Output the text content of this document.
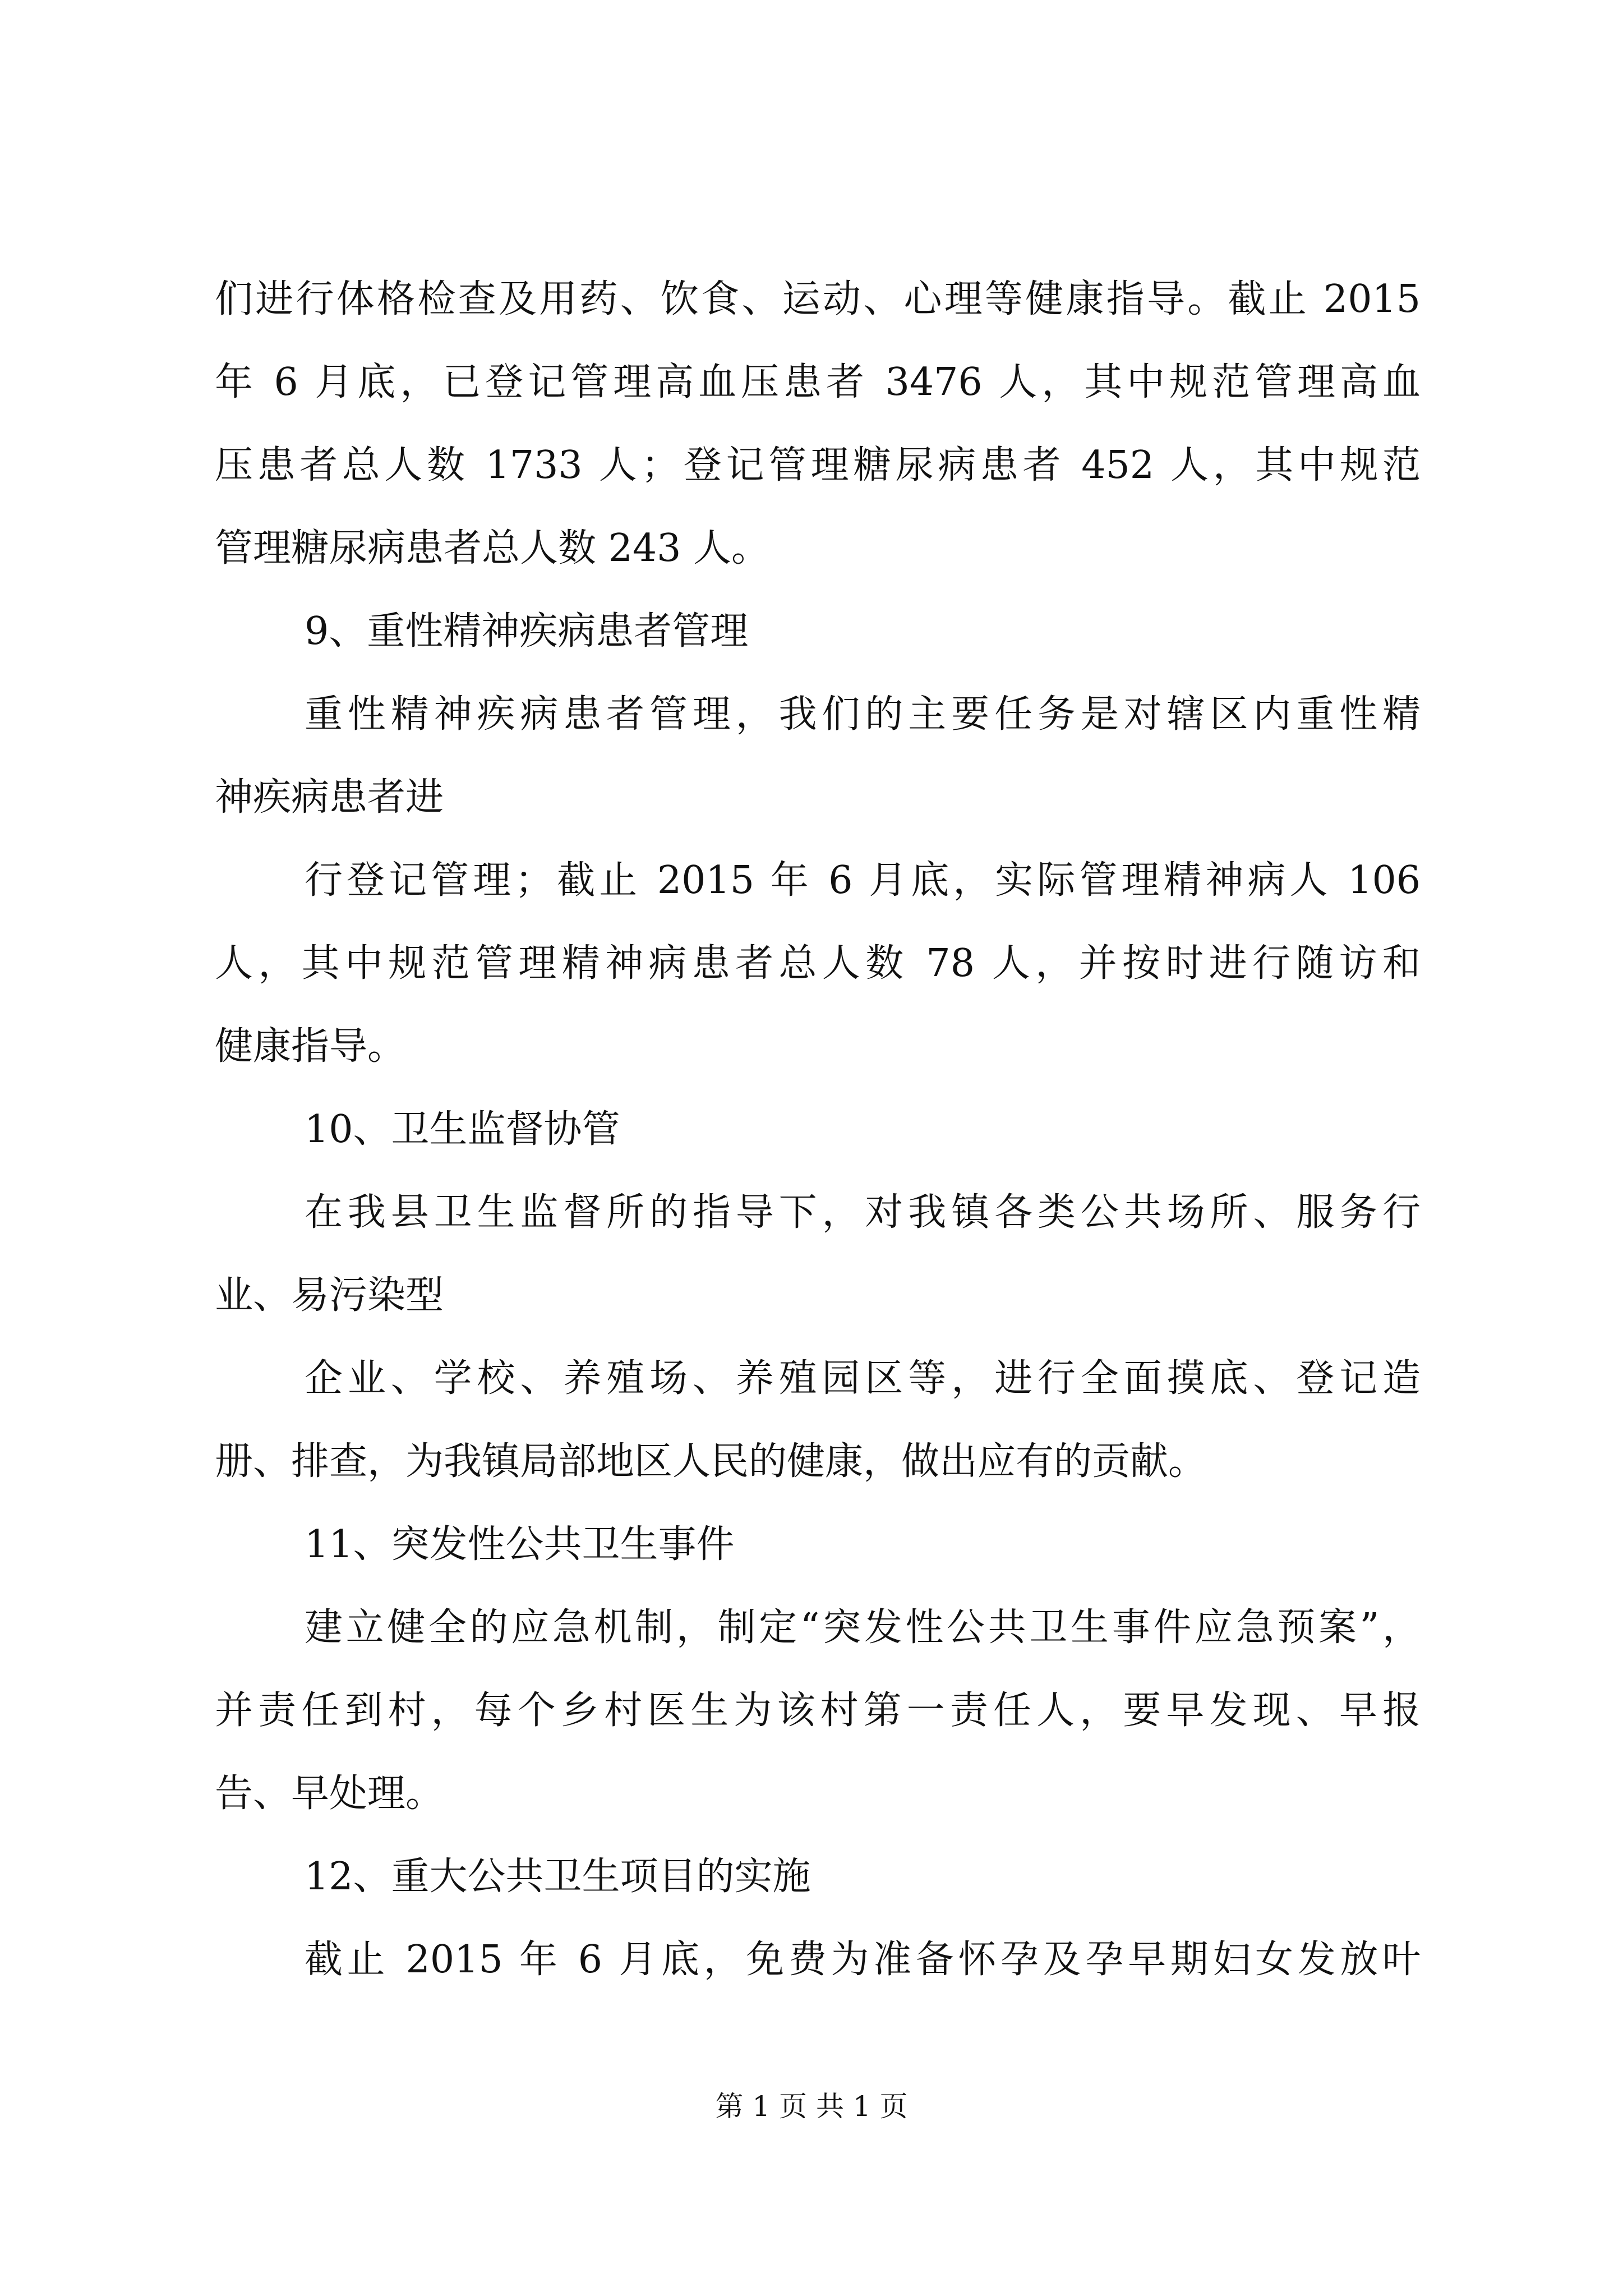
们进行体格检查及用药、饮食、运动、心理等健康指导。截止 2015
年 6 月底，已登记管理高血压患者 3476 人，其中规范管理高血
压患者总人数 1733 人；登记管理糖尿病患者 452 人，其中规范
管理糖尿病患者总人数 243 人。
9、重性精神疾病患者管理
重性精神疾病患者管理，我们的主要任务是对辖区内重性精
神疾病患者进
行登记管理；截止 2015 年 6 月底，实际管理精神病人 106
人，其中规范管理精神病患者总人数 78 人，并按时进行随访和
健康指导。
10、卫生监督协管
在我县卫生监督所的指导下，对我镇各类公共场所、服务行
业、易污染型
企业、学校、养殖场、养殖园区等，进行全面摸底、登记造
册、排查，为我镇局部地区人民的健康，做出应有的贡献。
11、突发性公共卫生事件
建立健全的应急机制，制定“突发性公共卫生事件应急预案”，
并责任到村，每个乡村医生为该村第一责任人，要早发现、早报
告、早处理。
12、重大公共卫生项目的实施
截止 2015 年 6 月底，免费为准备怀孕及孕早期妇女发放叶
第 1 页 共 1 页
